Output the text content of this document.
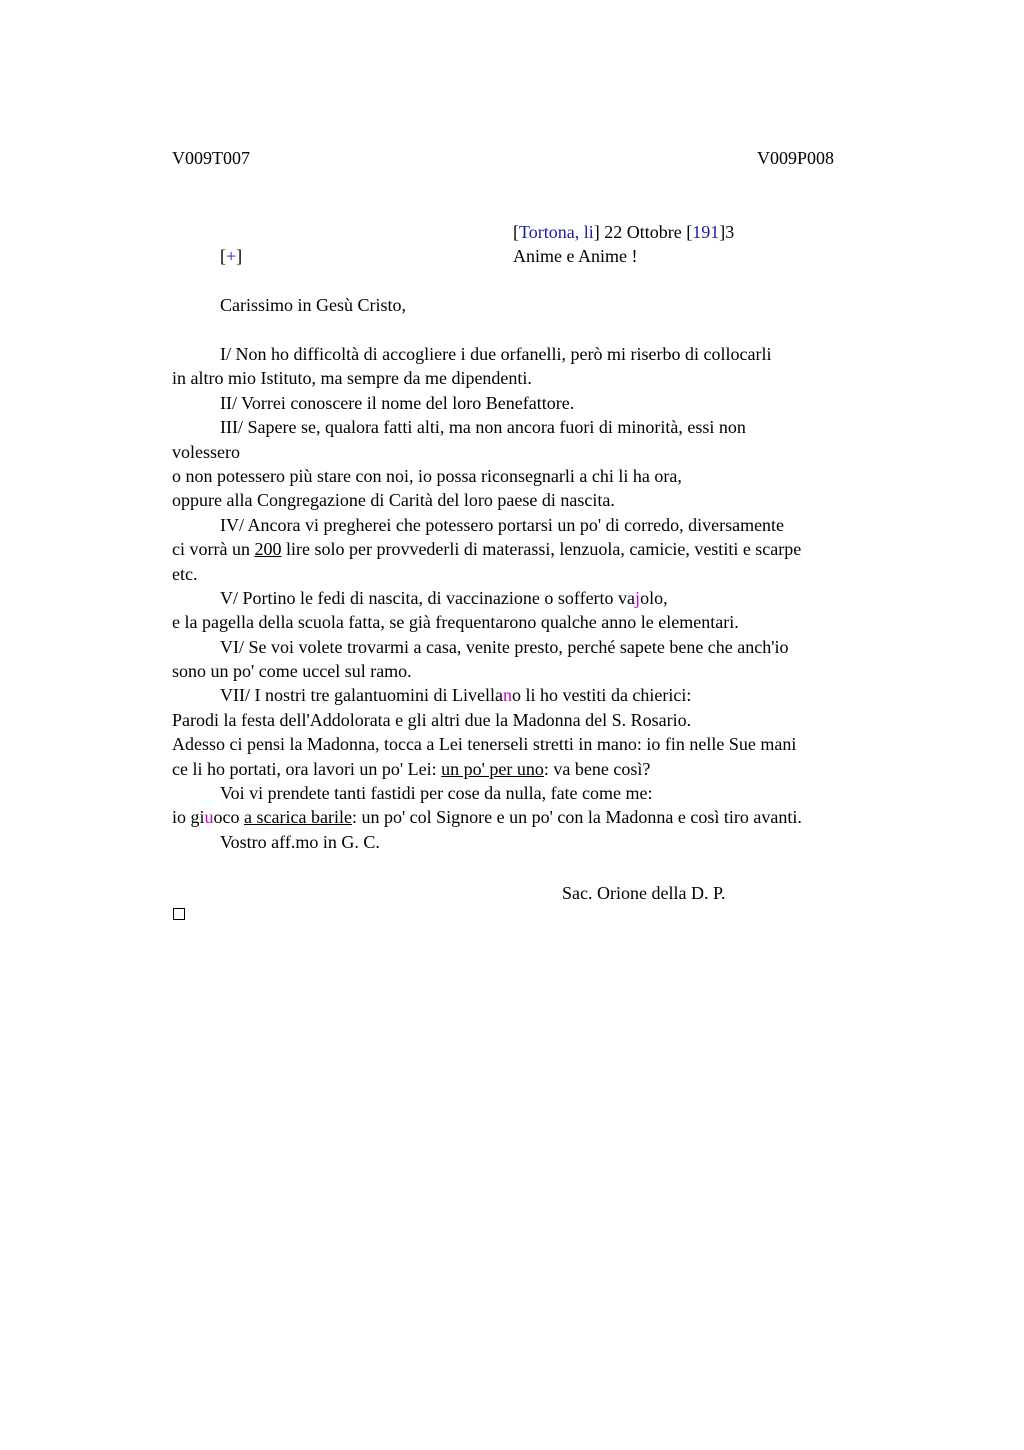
V009T007	V009P008
[Tortona, li] 22 Ottobre [191]3
[+]	Anime e Anime !
Carissimo in Gesù Cristo,
I/ Non ho difficoltà di accogliere i due orfanelli, però mi riserbo di collocarli
in altro mio Istituto, ma sempre da me dipendenti.
II/ Vorrei conoscere il nome del loro Benefattore.
III/ Sapere se, qualora fatti alti, ma non ancora fuori di minorità, essi non
volessero
o non potessero più stare con noi, io possa riconsegnarli a chi li ha ora,
oppure alla Congregazione di Carità del loro paese di nascita.
IV/ Ancora vi pregherei che potessero portarsi un po' di corredo, diversamente
ci vorrà un 200 lire solo per provvederli di materassi, lenzuola, camicie, vestiti e scarpe
etc.
V/ Portino le fedi di nascita, di vaccinazione o sofferto vajolo,
e la pagella della scuola fatta, se già frequentarono qualche anno le elementari.
VI/ Se voi volete trovarmi a casa, venite presto, perché sapete bene che anch'io
sono un po' come uccel sul ramo.
VII/ I nostri tre galantuomini di Livellano li ho vestiti da chierici:
Parodi la festa dell'Addolorata e gli altri due la Madonna del S. Rosario.
Adesso ci pensi la Madonna, tocca a Lei tenerseli stretti in mano: io fin nelle Sue mani
ce li ho portati, ora lavori un po' Lei: un po' per uno: va bene così?
Voi vi prendete tanti fastidi per cose da nulla, fate come me:
io giuoco a scarica barile: un po' col Signore e un po' con la Madonna e così tiro avanti.
Vostro aff.mo in G. C.
Sac. Orione della D. P.
